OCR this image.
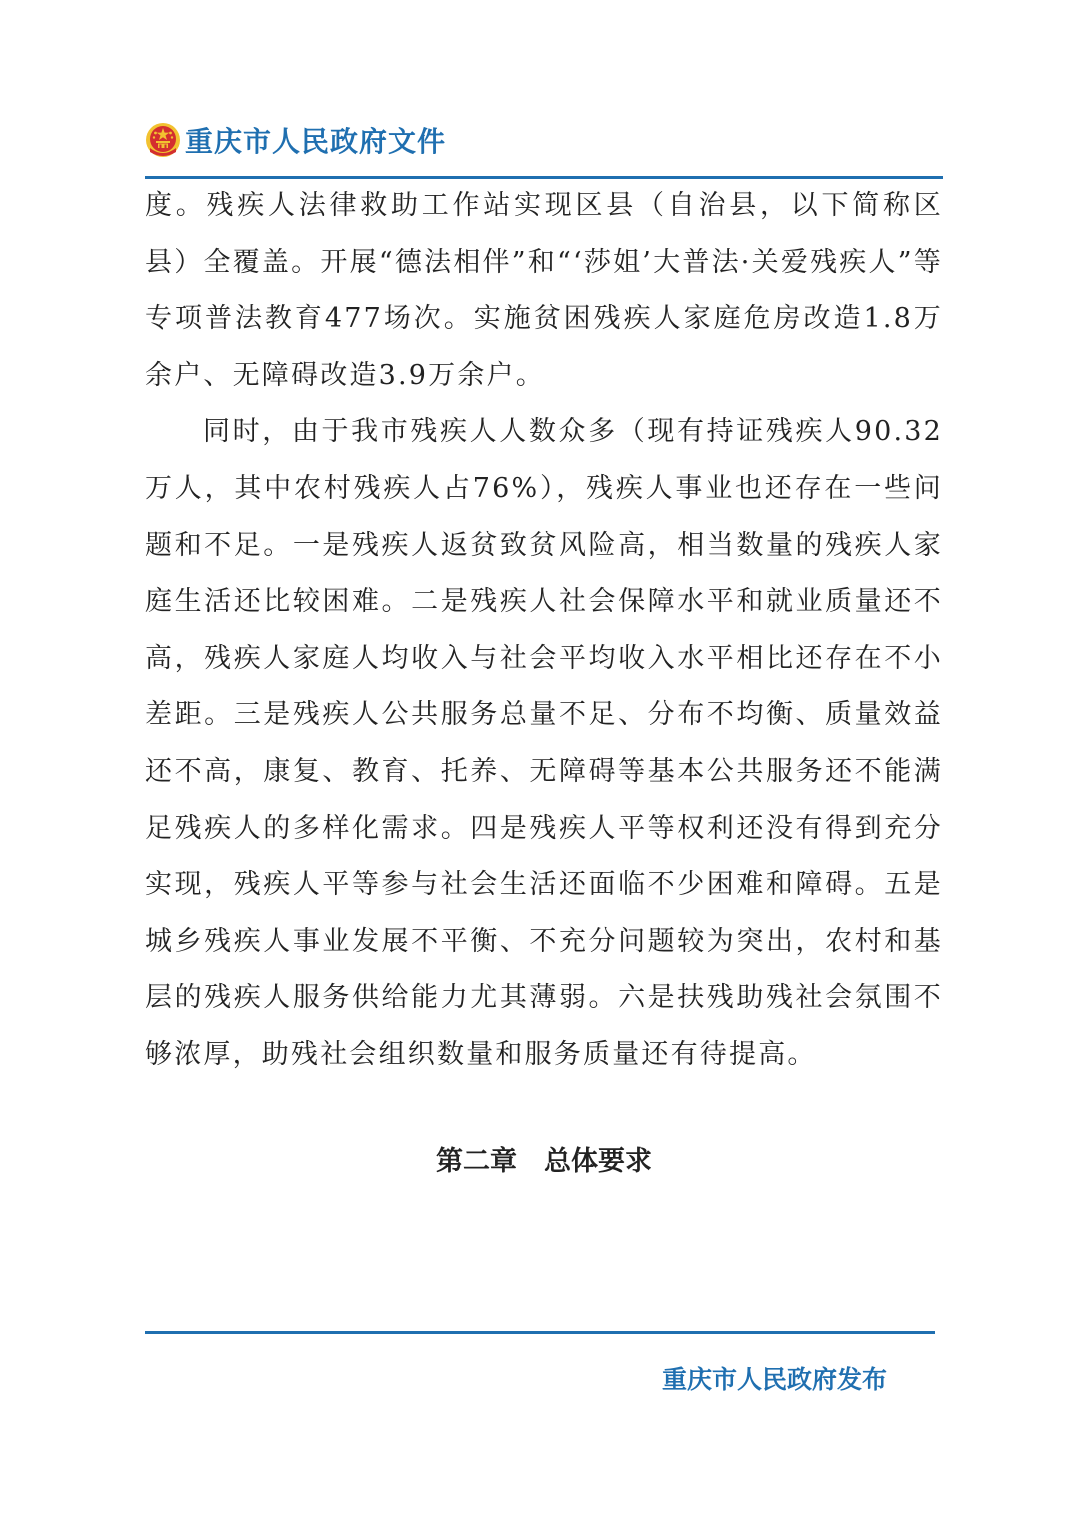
重庆市人民政府文件

度。残疾人法律救助工作站实现区县（自治县，以下简称区县）全覆盖。开展“德法相伴”和“‘莎姐’大普法·关爱残疾人”等专项普法教育477场次。实施贫困残疾人家庭危房改造1.8万余户、无障碍改造3.9万余户。

同时，由于我市残疾人人数众多（现有持证残疾人90.32万人，其中农村残疾人占76%），残疾人事业也还存在一些问题和不足。一是残疾人返贫致贫风险高，相当数量的残疾人家庭生活还比较困难。二是残疾人社会保障水平和就业质量还不高，残疾人家庭人均收入与社会平均收入水平相比还存在不小差距。三是残疾人公共服务总量不足、分布不均衡、质量效益还不高，康复、教育、托养、无障碍等基本公共服务还不能满足残疾人的多样化需求。四是残疾人平等权利还没有得到充分实现，残疾人平等参与社会生活还面临不少困难和障碍。五是城乡残疾人事业发展不平衡、不充分问题较为突出，农村和基层的残疾人服务供给能力尤其薄弱。六是扶残助残社会氛围不够浓厚，助残社会组织数量和服务质量还有待提高。

第二章　总体要求
重庆市人民政府发布
